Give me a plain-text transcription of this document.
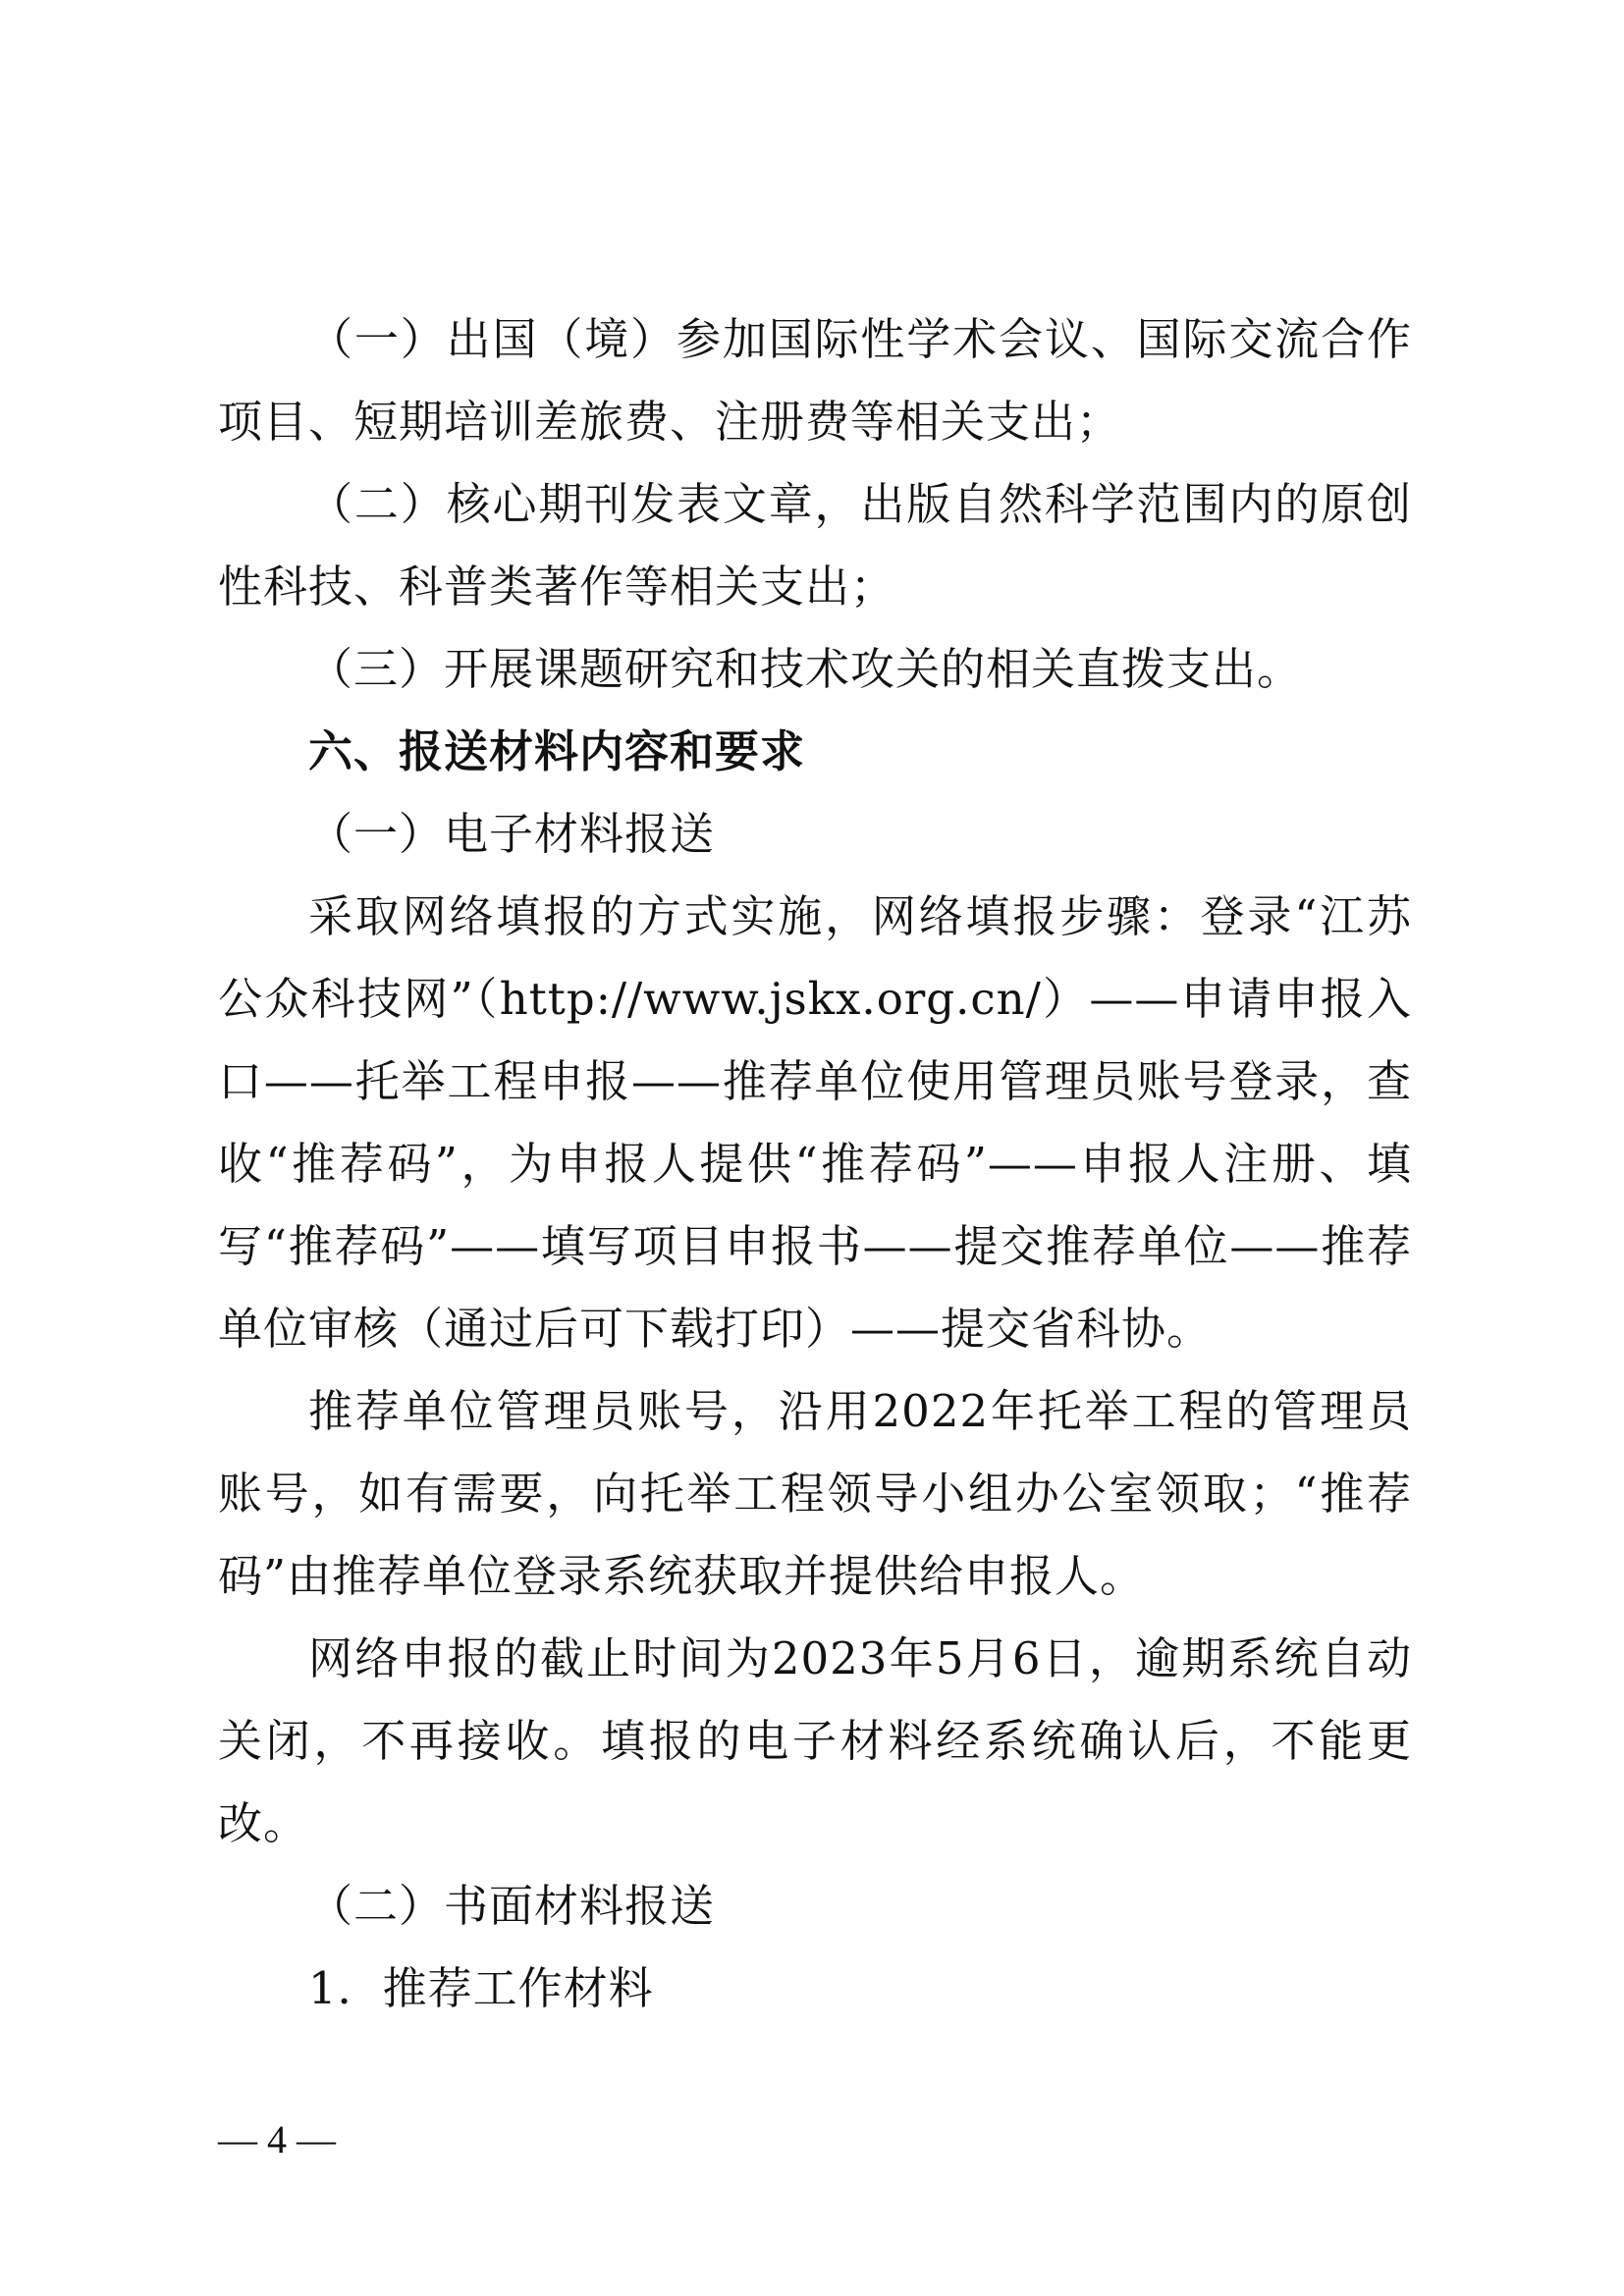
（一）出国（境）参加国际性学术会议、国际交流合作项目、短期培训差旅费、注册费等相关支出；

（二）核心期刊发表文章，出版自然科学范围内的原创性科技、科普类著作等相关支出；

（三）开展课题研究和技术攻关的相关直拨支出。

六、报送材料内容和要求

（一）电子材料报送

采取网络填报的方式实施，网络填报步骤：登录“江苏公众科技网”（http://www.jskx.org.cn/）——申请申报入口——托举工程申报——推荐单位使用管理员账号登录，查收“推荐码”，为申报人提供“推荐码”——申报人注册、填写“推荐码”——填写项目申报书——提交推荐单位——推荐单位审核（通过后可下载打印）——提交省科协。

推荐单位管理员账号，沿用2022年托举工程的管理员账号，如有需要，向托举工程领导小组办公室领取；“推荐码”由推荐单位登录系统获取并提供给申报人。

网络申报的截止时间为2023年5月6日，逾期系统自动关闭，不再接收。填报的电子材料经系统确认后，不能更改。

（二）书面材料报送

1．推荐工作材料

— 4 —
